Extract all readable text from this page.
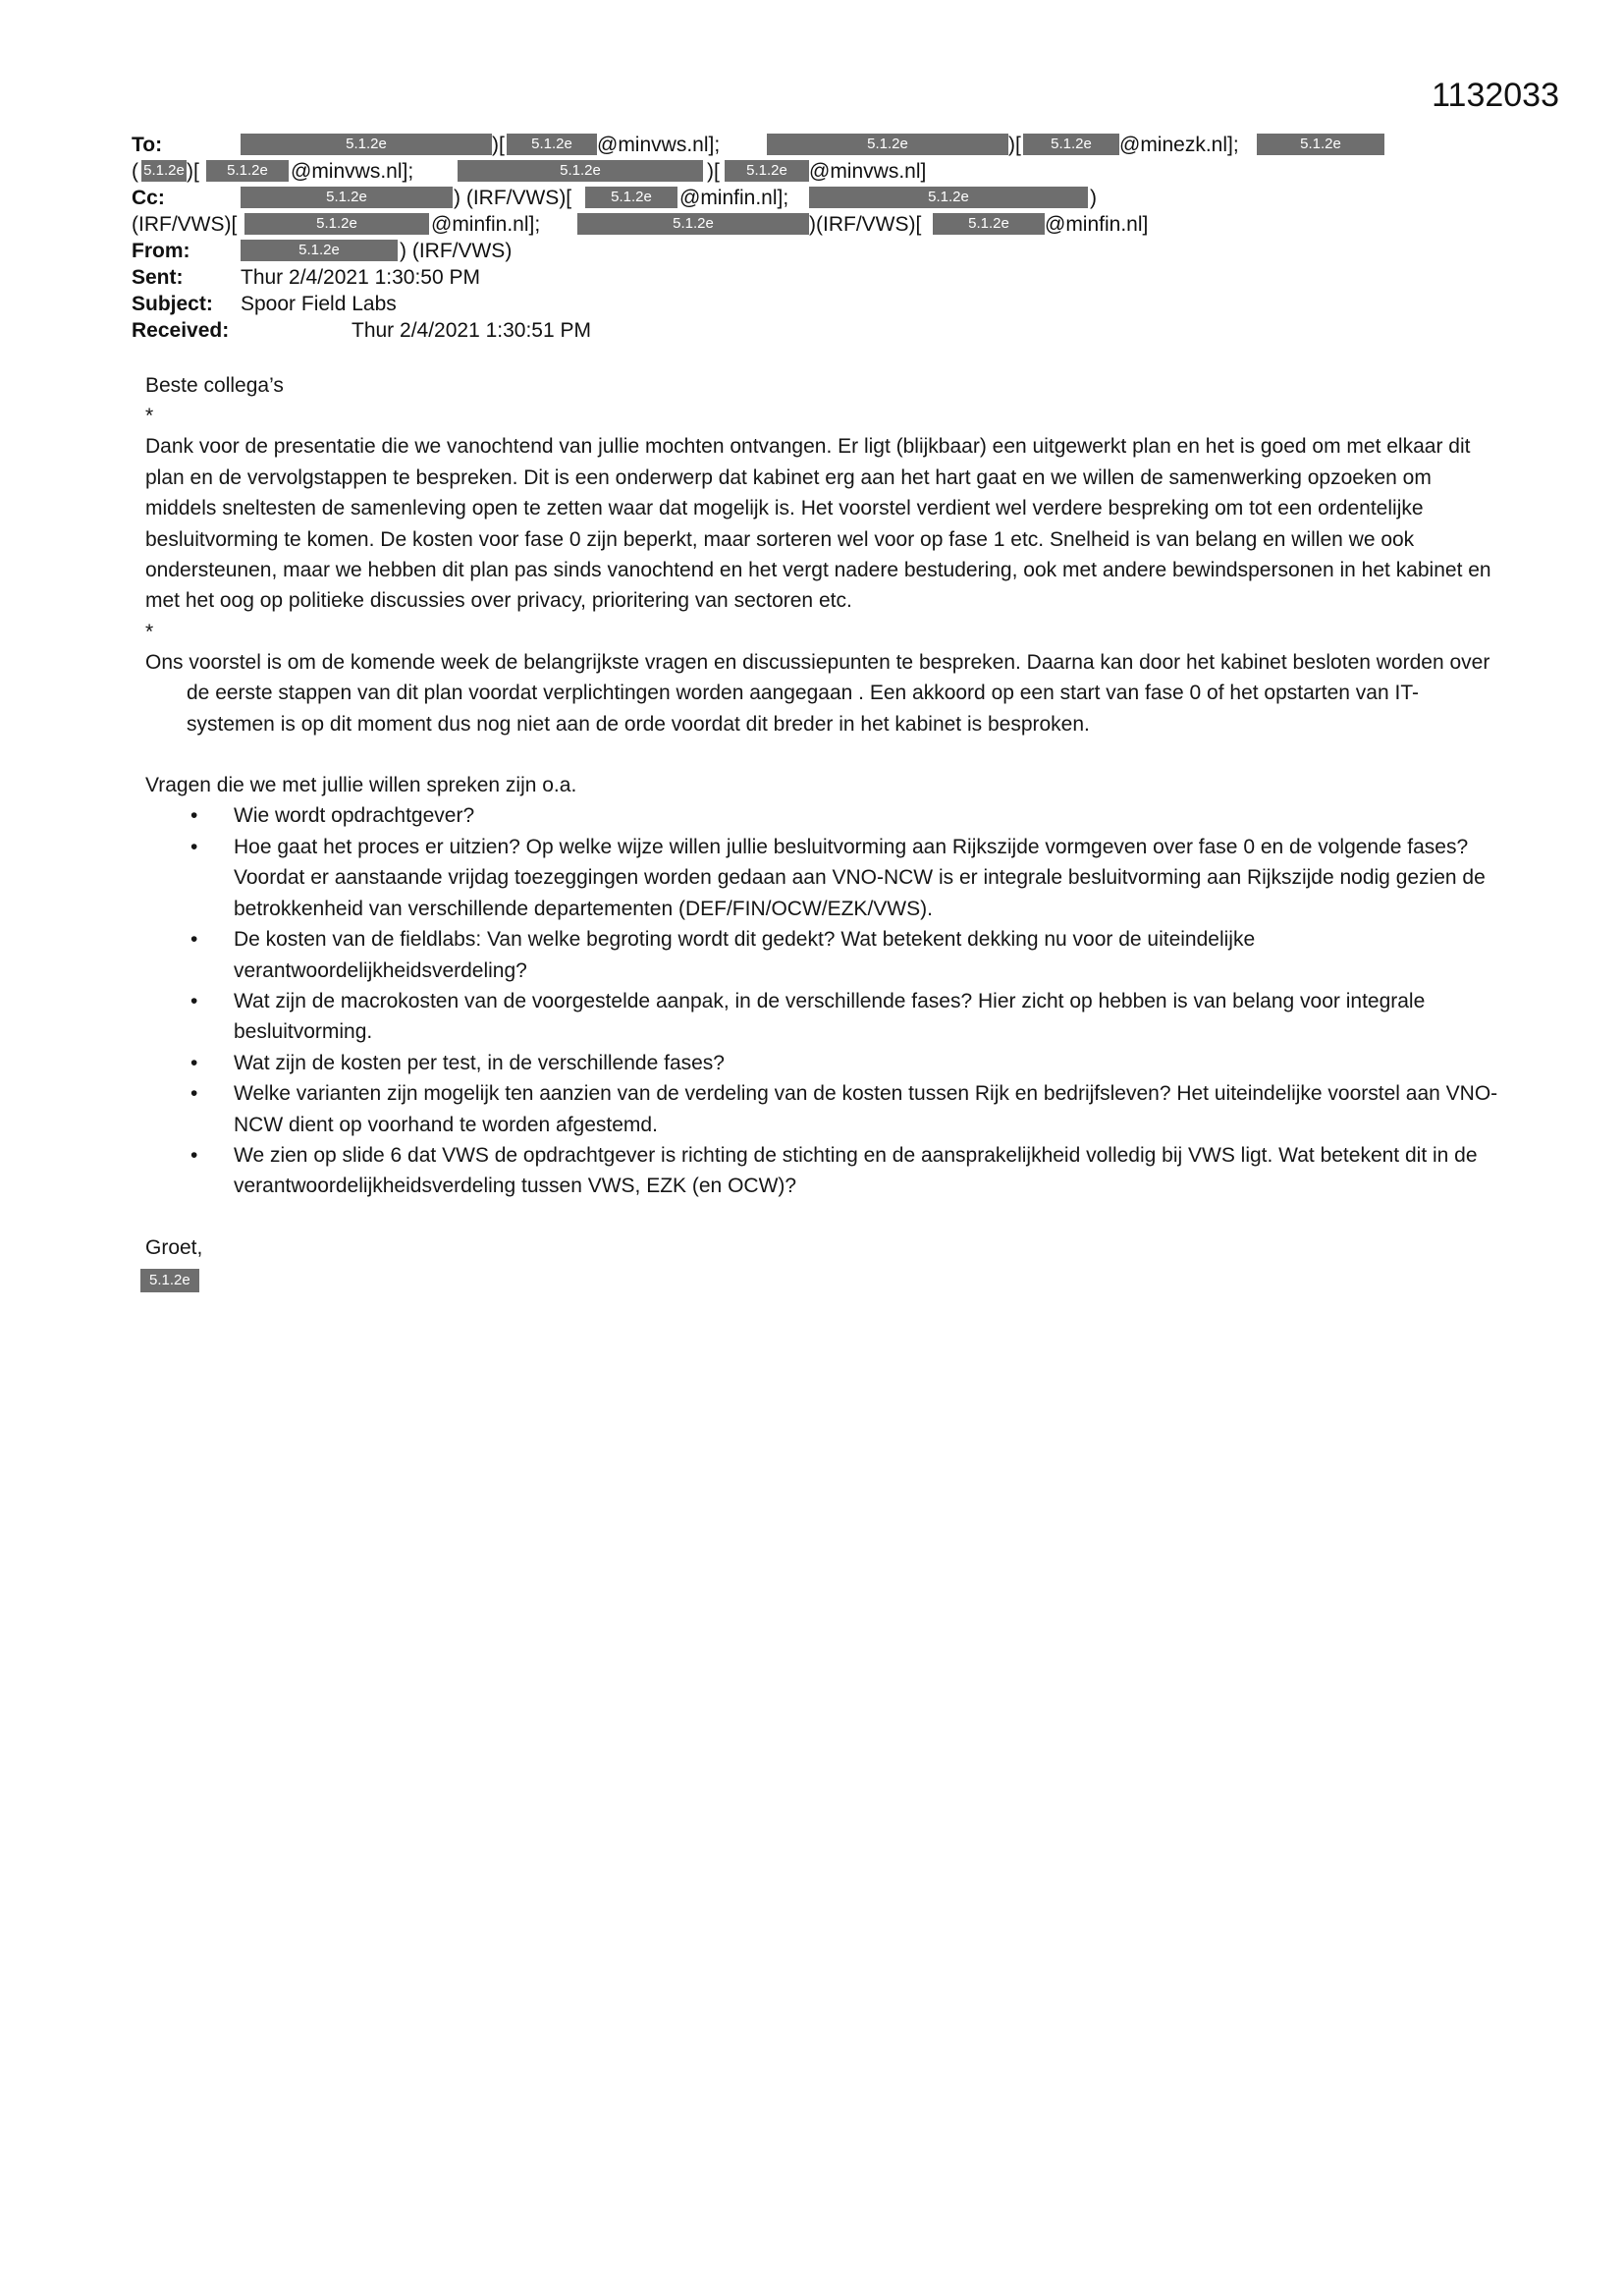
1132033
To:	5.1.2e	)[	5.1.2e	@minvws.nl];	5.1.2e	)[	5.1.2e	@minezk.nl];	5.1.2e
( 5.1.2e )[	5.1.2e	@minvws.nl];	5.1.2e	)[	5.1.2e	@minvws.nl]
Cc:	5.1.2e	) (IRF/VWS)[	5.1.2e	@minfin.nl];	5.1.2e	)
(IRF/VWS)[	5.1.2e	@minfin.nl];	5.1.2e	)(IRF/VWS)[	5.1.2e	@minfin.nl]
From:	5.1.2e	) (IRF/VWS)
Sent:	Thur 2/4/2021 1:30:50 PM
Subject: Spoor Field Labs
Received:	Thur 2/4/2021 1:30:51 PM

Beste collega’s

*

Dank voor de presentatie die we vanochtend van jullie mochten ontvangen. Er ligt (blijkbaar) een uitgewerkt plan en het is goed om met elkaar dit plan en de vervolgstappen te bespreken. Dit is een onderwerp dat kabinet erg aan het hart gaat en we willen de samenwerking opzoeken om middels sneltesten de samenleving open te zetten waar dat mogelijk is. Het voorstel verdient wel verdere bespreking om tot een ordentelijke besluitvorming te komen. De kosten voor fase 0 zijn beperkt, maar sorteren wel voor op fase 1 etc. Snelheid is van belang en willen we ook ondersteunen, maar we hebben dit plan pas sinds vanochtend en het vergt nadere bestudering, ook met andere bewindspersonen in het kabinet en met het oog op politieke discussies over privacy, prioritering van sectoren etc.

*

Ons voorstel is om de komende week de belangrijkste vragen en discussiepunten te bespreken. Daarna kan door het kabinet besloten worden over de eerste stappen van dit plan voordat verplichtingen worden aangegaan . Een akkoord op een start van fase 0 of het opstarten van IT-systemen is op dit moment dus nog niet aan de orde voordat dit breder in het kabinet is besproken.

Vragen die we met jullie willen spreken zijn o.a.

• Wie wordt opdrachtgever?
• Hoe gaat het proces er uitzien? Op welke wijze willen jullie besluitvorming aan Rijkszijde vormgeven over fase 0 en de volgende fases? Voordat er aanstaande vrijdag toezeggingen worden gedaan aan VNO-NCW is er integrale besluitvorming aan Rijkszijde nodig gezien de betrokkenheid van verschillende departementen (DEF/FIN/OCW/EZK/VWS).
• De kosten van de fieldlabs: Van welke begroting wordt dit gedekt? Wat betekent dekking nu voor de uiteindelijke verantwoordelijkheidsverdeling?
• Wat zijn de macrokosten van de voorgestelde aanpak, in de verschillende fases? Hier zicht op hebben is van belang voor integrale besluitvorming.
• Wat zijn de kosten per test, in de verschillende fases?
• Welke varianten zijn mogelijk ten aanzien van de verdeling van de kosten tussen Rijk en bedrijfsleven? Het uiteindelijke voorstel aan VNO-NCW dient op voorhand te worden afgestemd.
• We zien op slide 6 dat VWS de opdrachtgever is richting de stichting en de aansprakelijkheid volledig bij VWS ligt. Wat betekent dit in de verantwoordelijkheidsverdeling tussen VWS, EZK (en OCW)?

Groet,

5.1.2e
